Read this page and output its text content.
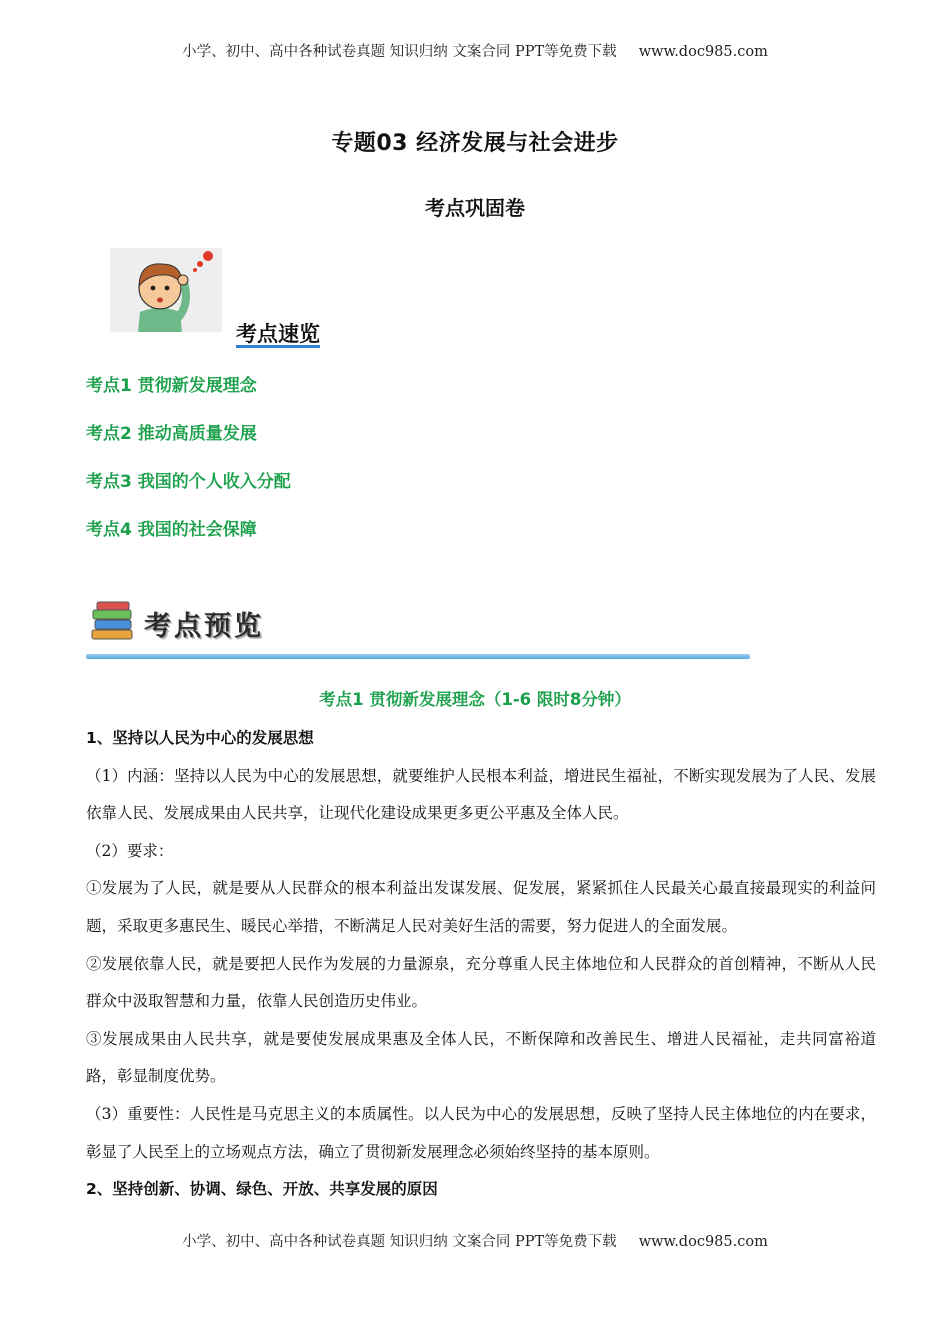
小学、初中、高中各种试卷真题 知识归纳 文案合同 PPT等免费下载 www.doc985.com
专题03 经济发展与社会进步
考点巩固卷
考点速览
考点1 贯彻新发展理念
考点2 推动高质量发展
考点3 我国的个人收入分配
考点4 我国的社会保障
考点预览
考点1 贯彻新发展理念（1-6 限时8分钟）

1、坚持以人民为中心的发展思想

（1）内涵：坚持以人民为中心的发展思想，就要维护人民根本利益，增进民生福祉，不断实现发展为了人民、发展依靠人民、发展成果由人民共享，让现代化建设成果更多更公平惠及全体人民。

（2）要求：

①发展为了人民，就是要从人民群众的根本利益出发谋发展、促发展，紧紧抓住人民最关心最直接最现实的利益问题，采取更多惠民生、暖民心举措，不断满足人民对美好生活的需要，努力促进人的全面发展。

②发展依靠人民，就是要把人民作为发展的力量源泉，充分尊重人民主体地位和人民群众的首创精神，不断从人民群众中汲取智慧和力量，依靠人民创造历史伟业。

③发展成果由人民共享，就是要使发展成果惠及全体人民，不断保障和改善民生、增进人民福祉，走共同富裕道路，彰显制度优势。

（3）重要性：人民性是马克思主义的本质属性。以人民为中心的发展思想，反映了坚持人民主体地位的内在要求，彰显了人民至上的立场观点方法，确立了贯彻新发展理念必须始终坚持的基本原则。

2、坚持创新、协调、绿色、开放、共享发展的原因

小学、初中、高中各种试卷真题 知识归纳 文案合同 PPT等免费下载 www.doc985.com
